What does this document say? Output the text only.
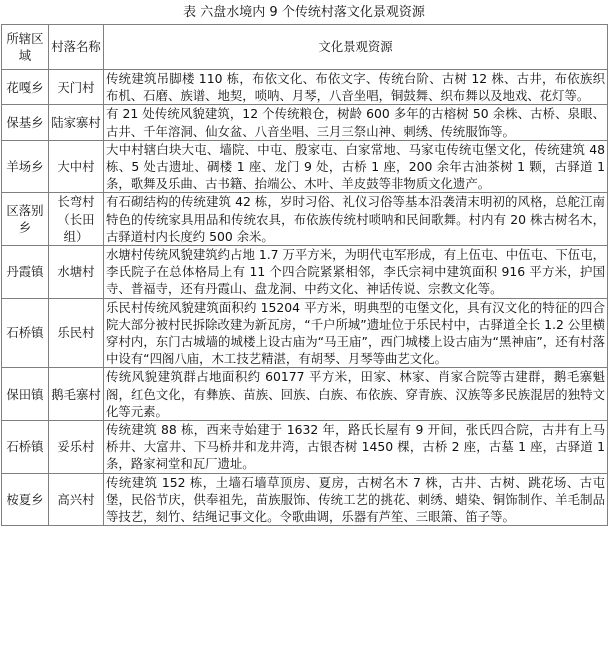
表 六盘水境内 9 个传统村落文化景观资源
所辖区域	村落名称	文化景观资源
花嘎乡	天门村	传统建筑吊脚楼 110 栋，布依文化、布依文字、传统台阶、古树 12 株、古井，布依族织布机、石磨、族谱、地契，唢呐、月琴，八音坐唱，铜鼓舞、织布舞以及地戏、花灯等。
保基乡	陆家寨村	有 21 处传统风貌建筑，12 个传统粮仓，树龄 600 多年的古榕树 50 余株、古桥、泉眼、古井、千年溶洞、仙女盆、八音坐唱、三月三祭山神、刺绣、传统服饰等。
羊场乡	大中村	大中村辖白块大屯、墙院、中屯、殷家屯、白家常地、马家屯传统屯堡文化，传统建筑 48 栋、5 处古遗址、碉楼 1 座、龙门 9 处，古桥 1 座，200 余年古油茶树 1 颗，古驿道 1 条，歌舞及乐曲、古书籍、抬端公、木叶、羊皮鼓等非物质文化遗产。
区落别乡	长弯村（长田组）	有石砌结构的传统建筑 42 栋，岁时习俗、礼仪习俗等基本沿袭清末明初的风格，总舵江南特色的传统家具用品和传统农具，布依族传统村唢呐和民间歌舞。村内有 20 株古树名木，古驿道村内长度约 500 余米。
丹霞镇	水塘村	水塘村传统风貌建筑约占地 1.7 万平方米，为明代屯军形成，有上伍屯、中伍屯、下伍屯，李氏院子在总体格局上有 11 个四合院紧紧相邻，李氏宗祠中建筑面积 916 平方米，护国寺、普福寺，还有丹霞山、盘龙洞、中药文化、神话传说、宗教文化等。
石桥镇	乐民村	乐民村传统风貌建筑面积约 15204 平方米，明典型的屯堡文化，具有汉文化的特征的四合院大部分被村民拆除改建为新瓦房，“千户所城”遗址位于乐民村中，古驿道全长 1.2 公里横穿村内，东门古城墙的城楼上设古庙为“马王庙”，西门城楼上设古庙为“黑神庙”，还有村落中设有“四阁八庙，木工技艺精湛，有胡琴、月琴等曲艺文化。
保田镇	鹅毛寨村	传统风貌建筑群占地面积约 60177 平方米，田家、林家、肖家合院等古建群，鹅毛寨魁阁，红色文化，有彝族、苗族、回族、白族、布依族、穿青族、汉族等多民族混居的独特文化等元素。
石桥镇	妥乐村	传统建筑 88 栋，西来寺始建于 1632 年，路氏长屋有 9 开间，张氏四合院，古井有上马桥井、大富井、下马桥井和龙井湾，古银杏树 1450 棵，古桥 2 座，古墓 1 座，古驿道 1 条，路家祠堂和瓦厂遗址。
桉夏乡	高兴村	传统建筑 152 栋，土墙石墙草顶房、夏房，古树名木 7 株，古井、古树、跳花场、古屯堡，民俗节庆，供奉祖先，苗族服饰、传统工艺的挑花、刺绣、蜡染、铜饰制作、羊毛制品等技艺，刻竹、结绳记事文化。令歌曲调，乐器有芦笙、三眼箫、笛子等。
